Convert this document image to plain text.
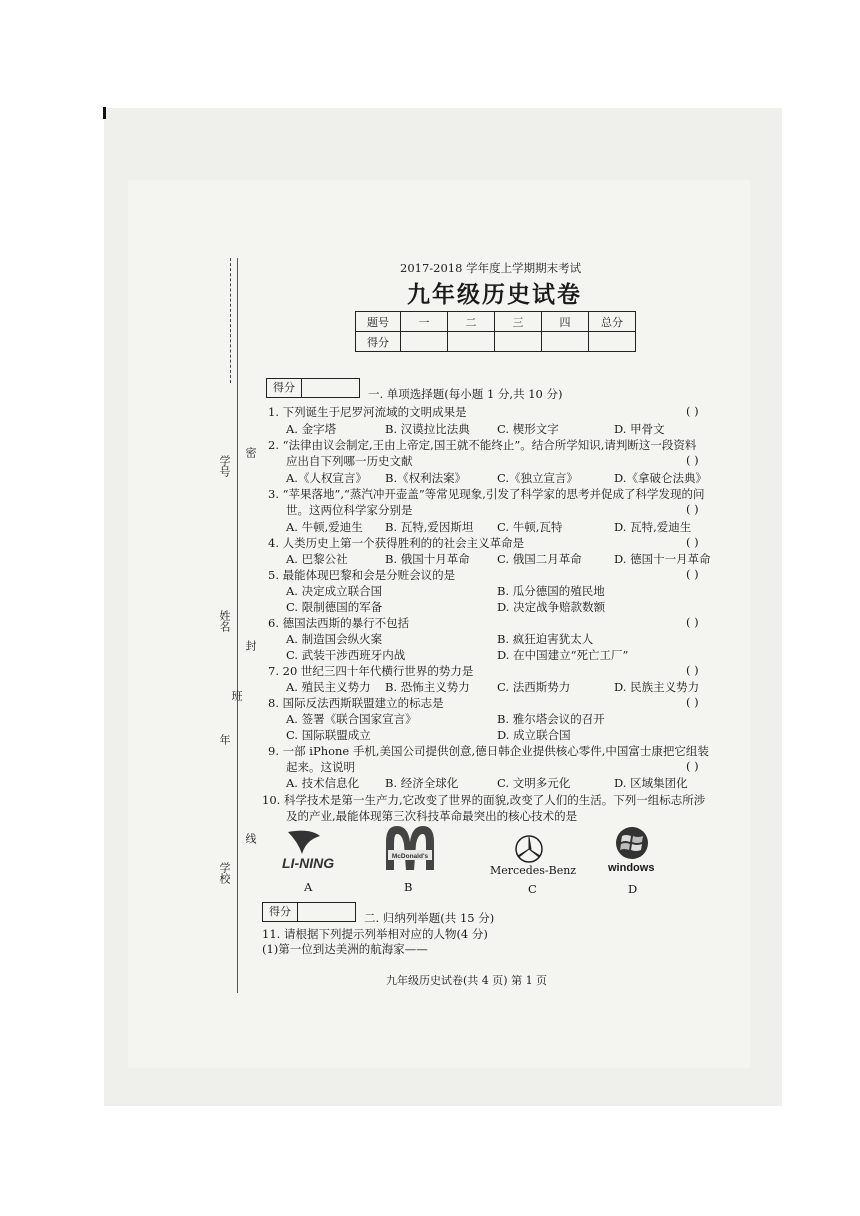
学号
密
姓名
封
年
班
线
学校
2017-2018 学年度上学期期末考试
九年级历史试卷
题号	一	二	三	四	总分
得分					
得分	一. 单项选择题(每小题 1 分,共 10 分)
1. 下列诞生于尼罗河流域的文明成果是	( )
A. 金字塔	B. 汉谟拉比法典 C. 楔形文字	D. 甲骨文
2. “法律由议会制定,王由上帝定,国王就不能终止”。结合所学知识,请判断这一段资料
应出自下列哪一历史文献	( )
A.《人权宣言》 B.《权利法案》	C.《独立宣言》	D.《拿破仑法典》
3. “苹果落地”,“蒸汽冲开壶盖”等常见现象,引发了科学家的思考并促成了科学发现的问
世。这两位科学家分别是	( )
A. 牛顿,爱迪生 B. 瓦特,爱因斯坦 C. 牛顿,瓦特	D. 瓦特,爱迪生
4. 人类历史上第一个获得胜利的的社会主义革命是	( )
A. 巴黎公社	B. 俄国十月革命 C. 俄国二月革命	D. 德国十一月革命
5. 最能体现巴黎和会是分赃会议的是	( )
A. 决定成立联合国	B. 瓜分德国的殖民地
C. 限制德国的军备	D. 决定战争赔款数额
6. 德国法西斯的暴行不包括	( )
A. 制造国会纵火案	B. 疯狂迫害犹太人
C. 武装干涉西班牙内战	D. 在中国建立“死亡工厂”
7. 20 世纪三四十年代横行世界的势力是	( )
A. 殖民主义势力 B. 恐怖主义势力 C. 法西斯势力	D. 民族主义势力
8. 国际反法西斯联盟建立的标志是	( )
A. 签署《联合国家宣言》	B. 雅尔塔会议的召开
C. 国际联盟成立	D. 成立联合国
9. 一部 iPhone 手机,美国公司提供创意,德日韩企业提供核心零件,中国富士康把它组装
起来。这说明	( )
A. 技术信息化 B. 经济全球化	C. 文明多元化	D. 区域集团化
10. 科学技术是第一生产力,它改变了世界的面貌,改变了人们的生活。下列一组标志所涉
及的产业,最能体现第三次科技革命最突出的核心技术的是
LI-NING
A
McDonald's
B
Mercedes-Benz
C
windows
D
得分	二. 归纳列举题(共 15 分)
11. 请根据下列提示列举相对应的人物(4 分)
(1)第一位到达美洲的航海家——
九年级历史试卷(共 4 页) 第 1 页
